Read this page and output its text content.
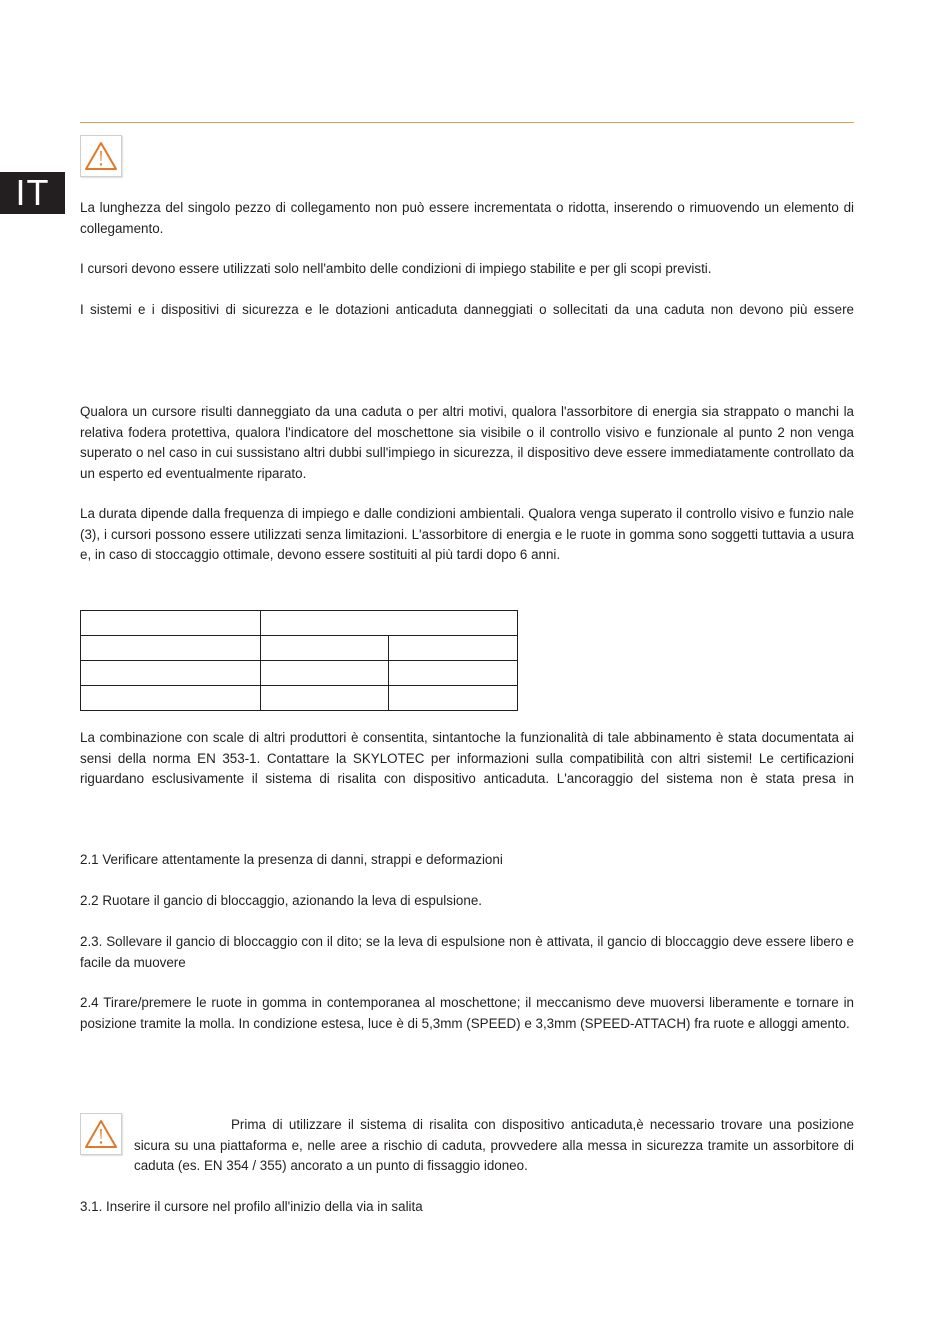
IT	La lunghezza del singolo pezzo di collegamento non può essere incrementata o ridotta, inserendo o rimuovendo un elemento di collegamento.

I cursori devono essere utilizzati solo nell'ambito delle condizioni di impiego stabilite e per gli scopi previsti.

I sistemi e i dispositivi di sicurezza e le dotazioni anticaduta danneggiati o sollecitati da una caduta non devono più essere

Qualora un cursore risulti danneggiato da una caduta o per altri motivi, qualora l'assorbitore di energia sia strappato o manchi la relativa fodera protettiva, qualora l'indicatore del moschettone sia visibile o il controllo visivo e funzionale al punto 2 non venga superato o nel caso in cui sussistano altri dubbi sull'impiego in sicurezza, il dispositivo deve essere immediatamente controllato da un esperto ed eventualmente riparato.

La durata dipende dalla frequenza di impiego e dalle condizioni ambientali. Qualora venga superato il controllo visivo e funzio nale (3), i cursori possono essere utilizzati senza limitazioni. L'assorbitore di energia e le ruote in gomma sono soggetti tuttavia a usura e, in caso di stoccaggio ottimale, devono essere sostituiti al più tardi dopo 6 anni.

La combinazione con scale di altri produttori è consentita, sintantoche la funzionalità di tale abbinamento è stata documentata ai sensi della norma EN 353-1. Contattare la SKYLOTEC per informazioni sulla compatibilità con altri sistemi! Le certificazioni riguardano esclusivamente il sistema di risalita con dispositivo anticaduta. L'ancoraggio del sistema non è stata presa in

2.1 Verificare attentamente la presenza di danni, strappi e deformazioni

2.2 Ruotare il gancio di bloccaggio, azionando la leva di espulsione.

2.3. Sollevare il gancio di bloccaggio con il dito; se la leva di espulsione non è attivata, il gancio di bloccaggio deve essere libero e facile da muovere

2.4 Tirare/premere le ruote in gomma in contemporanea al moschettone; il meccanismo deve muoversi liberamente e tornare in posizione tramite la molla. In condizione estesa, luce è di 5,3mm (SPEED) e 3,3mm (SPEED-ATTACH) fra ruote e alloggi amento.

Prima di utilizzare il sistema di risalita con dispositivo anticaduta,è necessario trovare una posizione sicura su una piattaforma e, nelle aree a rischio di caduta, provvedere alla messa in sicurezza tramite un assorbitore di caduta (es. EN 354 / 355) ancorato a un punto di fissaggio idoneo.

3.1. Inserire il cursore nel profilo all'inizio della via in salita
